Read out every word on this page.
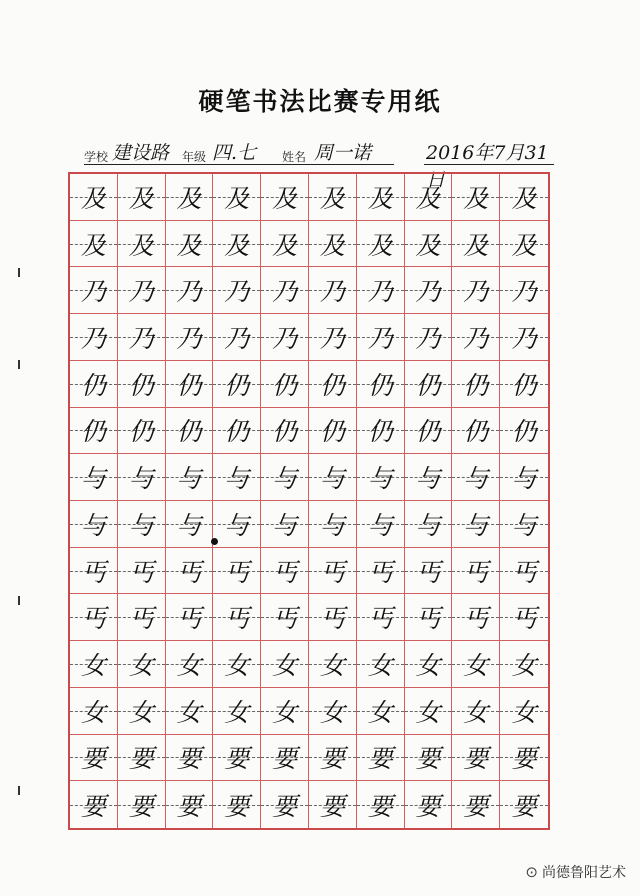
硬笔书法比赛专用纸
学校 建设路 年级 四.七 姓名 周一诺	2016年7月31日
及 及 及 及 及 及 及 及 及 及
及 及 及 及 及 及 及 及 及 及
乃 乃 乃 乃 乃 乃 乃 乃 乃 乃
乃 乃 乃 乃 乃 乃 乃 乃 乃 乃
仍 仍 仍 仍 仍 仍 仍 仍 仍 仍
仍 仍 仍 仍 仍 仍 仍 仍 仍 仍
与 与 与 与 与 与 与 与 与 与
与 与 与 与 与 与 与 与 与 与
丐 丐 丐 丐 丐 丐 丐 丐 丐 丐
丐 丐 丐 丐 丐 丐 丐 丐 丐 丐
女 女 女 女 女 女 女 女 女 女
女 女 女 女 女 女 女 女 女 女
要 要 要 要 要 要 要 要 要 要
要 要 要 要 要 要 要 要 要 要
⊙ 尚德鲁阳艺术
